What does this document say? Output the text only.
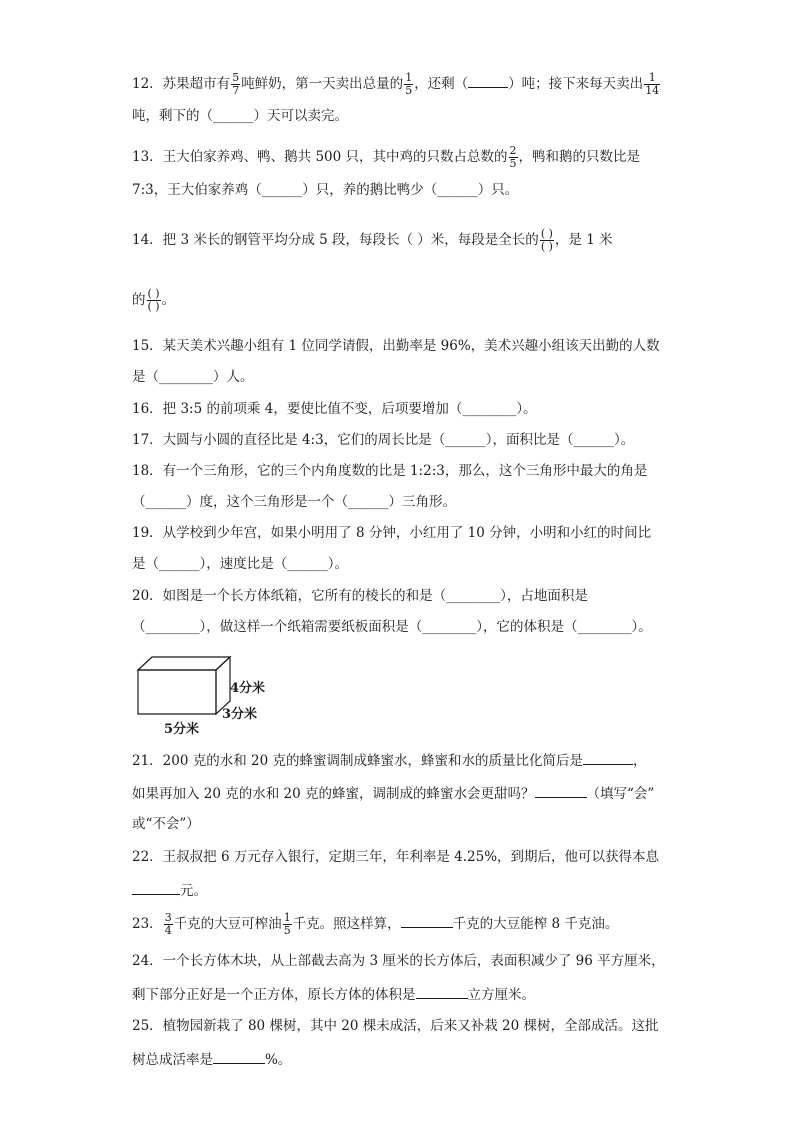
12．苏果超市有 $\frac{5}{7}$ 吨鲜奶，第一天卖出总量的 $\frac{1}{5}$ ，还剩（	）吨；接下来每天卖出 $\frac{1}{14}$
吨，剩下的（______）天可以卖完。
13．王大伯家养鸡、鸭、鹅共 500 只，其中鸡的只数占总数的 $\frac{2}{5}$ ，鸭和鹅的只数比是
7:3，王大伯家养鸡（______）只，养的鹅比鸭少（______）只。
14．把 3 米长的钢管平均分成 5 段，每段长（ ）米，每段是全长的 $\frac{( )}{( )}$ ，是 1 米
的 $\frac{( )}{( )}$ 。
15．某天美术兴趣小组有 1 位同学请假，出勤率是 96%，美术兴趣小组该天出勤的人数
是（________）人。
16．把 3:5 的前项乘 4，要使比值不变，后项要增加（________）。
17．大圆与小圆的直径比是 4:3，它们的周长比是（______），面积比是（______）。
18．有一个三角形，它的三个内角度数的比是 1:2:3，那么，这个三角形中最大的角是
（______）度，这个三角形是一个（______）三角形。
19．从学校到少年宫，如果小明用了 8 分钟，小红用了 10 分钟，小明和小红的时间比
是（______），速度比是（______）。
20．如图是一个长方体纸箱，它所有的棱长的和是（________），占地面积是
（________），做这样一个纸箱需要纸板面积是（________），它的体积是（________）。
4分米
3分米
5分米
21．200 克的水和 20 克的蜂蜜调制成蜂蜜水，蜂蜜和水的质量比化简后是	，
如果再加入 20 克的水和 20 克的蜂蜜，调制成的蜂蜜水会更甜吗？	（填写“会”
或“不会”）
22．王叔叔把 6 万元存入银行，定期三年，年利率是 4.25%，到期后，他可以获得本息
元。
23． $\frac{3}{4}$ 千克的大豆可榨油 $\frac{1}{5}$ 千克。照这样算，	千克的大豆能榨 8 千克油。
24．一个长方体木块，从上部截去高为 3 厘米的长方体后，表面积减少了 96 平方厘米，
剩下部分正好是一个正方体，原长方体的体积是	立方厘米。
25．植物园新栽了 80 棵树，其中 20 棵未成活，后来又补栽 20 棵树，全部成活。这批
树总成活率是	%。
